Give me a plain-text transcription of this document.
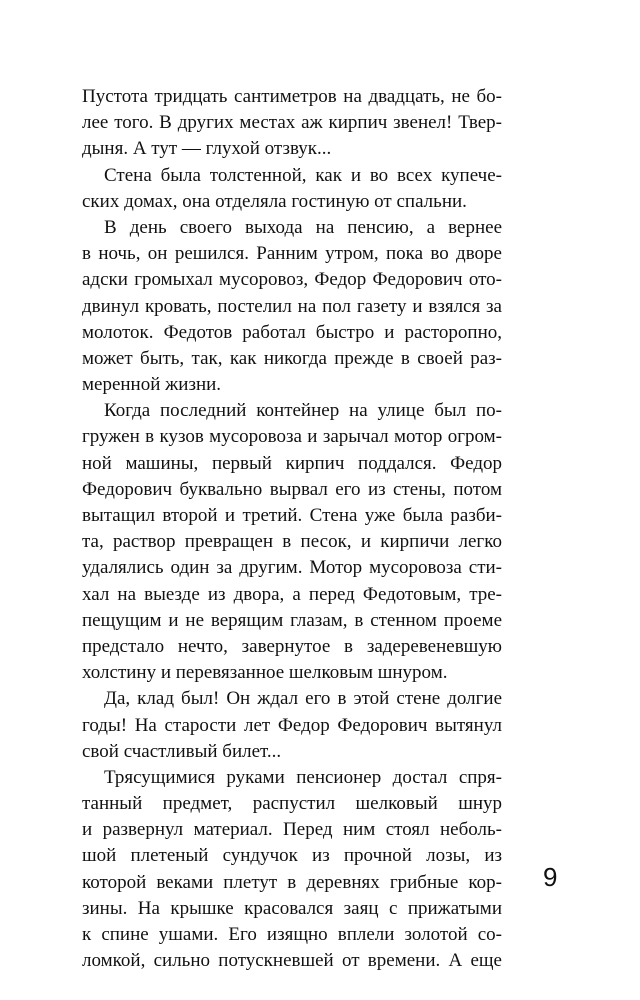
Пустота тридцать сантиметров на двадцать, не бо-
лее того. В других местах аж кирпич звенел! Твер-
дыня. А тут — глухой отзвук...
Стена была толстенной, как и во всех купече-
ских домах, она отделяла гостиную от спальни.
В день своего выхода на пенсию, а вернее
в ночь, он решился. Ранним утром, пока во дворе
адски громыхал мусоровоз, Федор Федорович ото-
двинул кровать, постелил на пол газету и взялся за
молоток. Федотов работал быстро и расторопно,
может быть, так, как никогда прежде в своей раз-
меренной жизни.
Когда последний контейнер на улице был по-
гружен в кузов мусоровоза и зарычал мотор огром-
ной машины, первый кирпич поддался. Федор
Федорович буквально вырвал его из стены, потом
вытащил второй и третий. Стена уже была разби-
та, раствор превращен в песок, и кирпичи легко
удалялись один за другим. Мотор мусоровоза сти-
хал на выезде из двора, а перед Федотовым, тре-
пещущим и не верящим глазам, в стенном проеме
предстало нечто, завернутое в задеревеневшую
холстину и перевязанное шелковым шнуром.
Да, клад был! Он ждал его в этой стене долгие
годы! На старости лет Федор Федорович вытянул
свой счастливый билет...
Трясущимися руками пенсионер достал спря-
танный предмет, распустил шелковый шнур
и развернул материал. Перед ним стоял неболь-
шой плетеный сундучок из прочной лозы, из
которой веками плетут в деревнях грибные кор-
зины. На крышке красовался заяц с прижатыми
к спине ушами. Его изящно вплели золотой со-
ломкой, сильно потускневшей от времени. А еще
9
